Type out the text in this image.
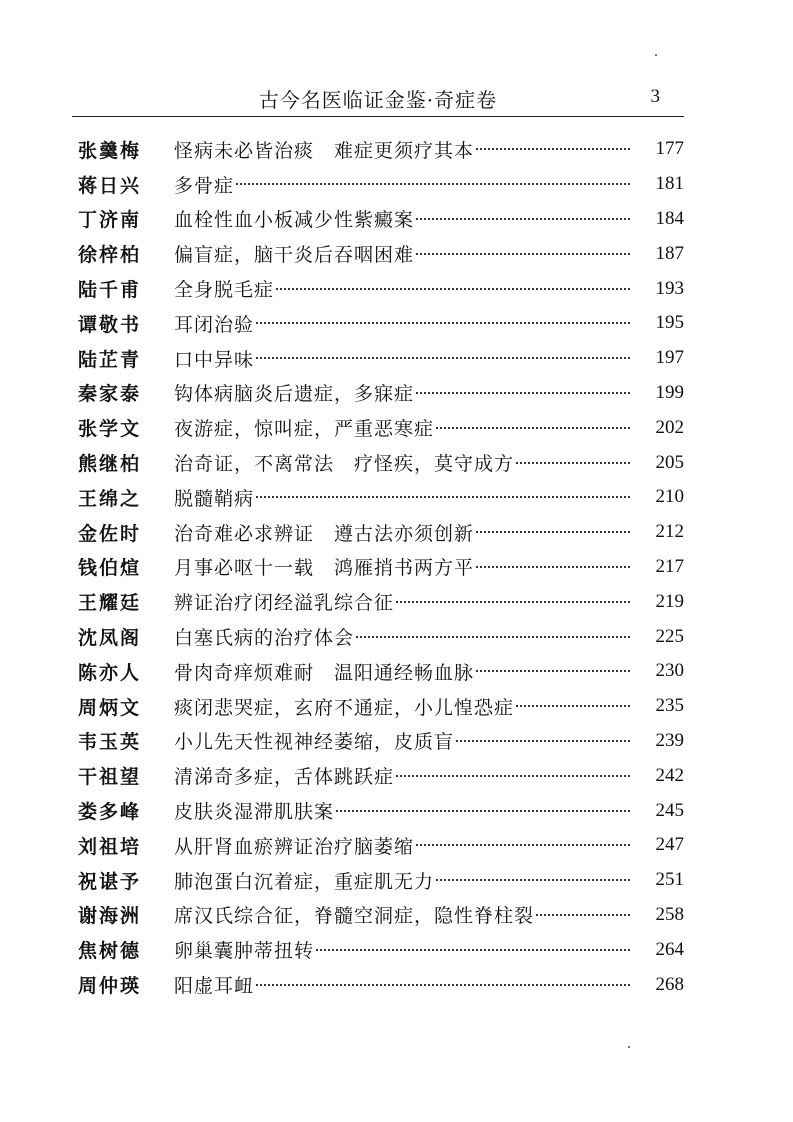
古今名医临证金鉴·奇症卷	3
张羹梅	怪病未必皆治痰　难症更须疗其本	177
蒋日兴	多骨症	181
丁济南	血栓性血小板减少性紫癜案	184
徐梓柏	偏盲症，脑干炎后吞咽困难	187
陆千甫	全身脱毛症	193
谭敬书	耳闭治验	195
陆芷青	口中异味	197
秦家泰	钩体病脑炎后遗症，多寐症	199
张学文	夜游症，惊叫症，严重恶寒症	202
熊继柏	治奇证，不离常法　疗怪疾，莫守成方	205
王绵之	脱髓鞘病	210
金佐时	治奇难必求辨证　遵古法亦须创新	212
钱伯煊	月事必呕十一载　鸿雁捎书两方平	217
王耀廷	辨证治疗闭经溢乳综合征	219
沈凤阁	白塞氏病的治疗体会	225
陈亦人	骨肉奇痒烦难耐　温阳通经畅血脉	230
周炳文	痰闭悲哭症，玄府不通症，小儿惶恐症	235
韦玉英	小儿先天性视神经萎缩，皮质盲	239
干祖望	清涕奇多症，舌体跳跃症	242
娄多峰	皮肤炎湿滞肌肤案	245
刘祖培	从肝肾血瘀辨证治疗脑萎缩	247
祝谌予	肺泡蛋白沉着症，重症肌无力	251
谢海洲	席汉氏综合征，脊髓空洞症，隐性脊柱裂	258
焦树德	卵巢囊肿蒂扭转	264
周仲瑛	阳虚耳衄	268
